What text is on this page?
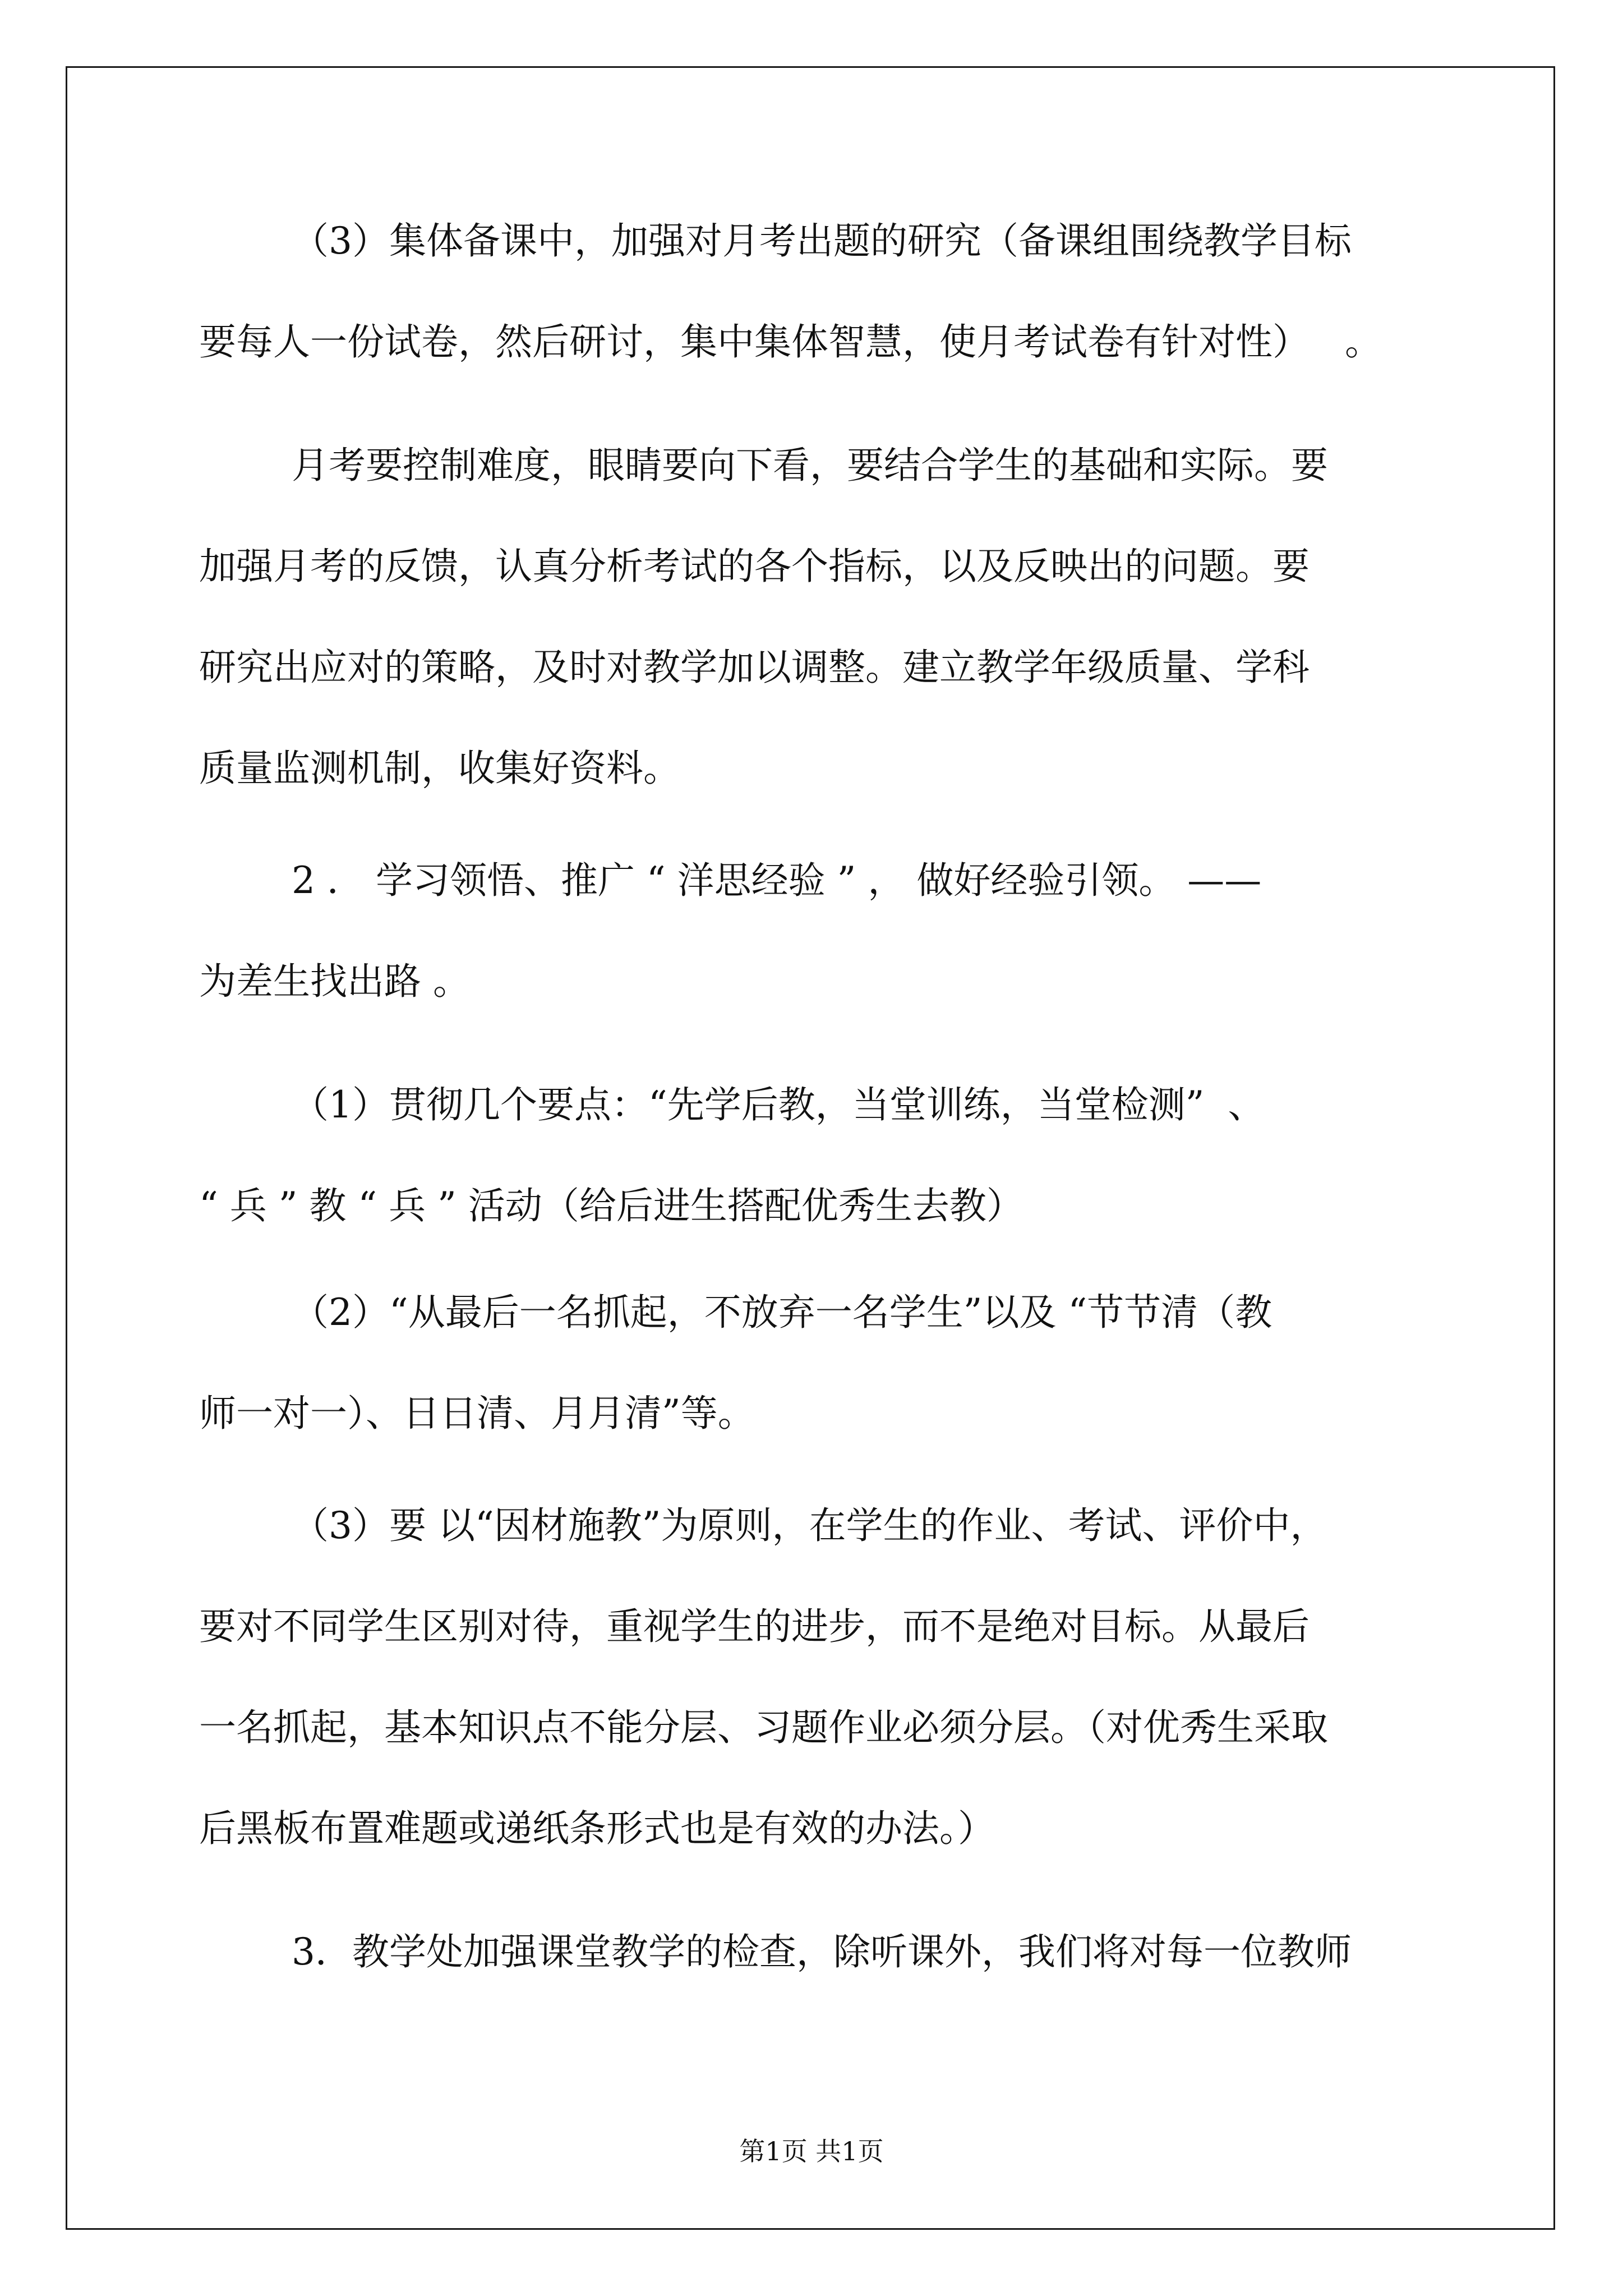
（3）集体备课中，加强对月考出题的研究（备课组围绕教学目标
要每人一份试卷，然后研讨，集中集体智慧，使月考试卷有针对性）   。
月考要控制难度，眼睛要向下看，要结合学生的基础和实际。要
加强月考的反馈，认真分析考试的各个指标，以及反映出的问题。要
研究出应对的策略，及时对教学加以调整。建立教学年级质量、学科
质量监测机制，收集好资料。
2 ． 学习领悟、推广 “ 洋思经验 ” ， 做好经验引领。 ——
为差生找出路 。
（1）贯彻几个要点：“先学后教，当堂训练，当堂检测”  、
“ 兵 ” 教 “ 兵 ” 活动（给后进生搭配优秀生去教）
（2）“从最后一名抓起，不放弃一名学生”以及 “节节清（教
师一对一）、日日清、月月清”等。
（3）要 以“因材施教”为原则，在学生的作业、考试、评价中，
要对不同学生区别对待，重视学生的进步，而不是绝对目标。从最后
一名抓起，基本知识点不能分层、习题作业必须分层。（对优秀生采取
后黑板布置难题或递纸条形式也是有效的办法。）
3．教学处加强课堂教学的检查，除听课外，我们将对每一位教师
第1页 共1页
